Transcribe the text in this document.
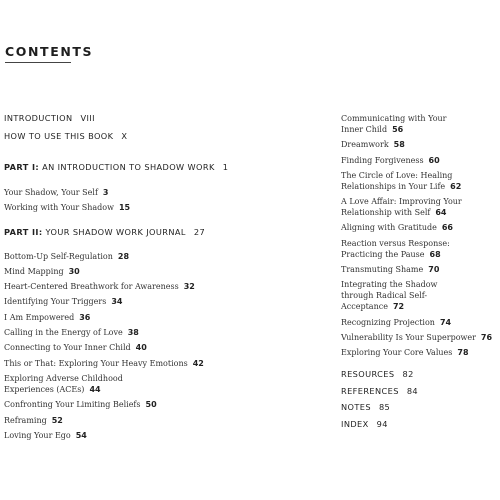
CONTENTS
INTRODUCTION VIII
HOW TO USE THIS BOOK X
PART I: AN INTRODUCTION TO SHADOW WORK 1
Your Shadow, Your Self 3
Working with Your Shadow 15
PART II: YOUR SHADOW WORK JOURNAL 27
Bottom-Up Self-Regulation 28
Mind Mapping 30
Heart-Centered Breathwork for Awareness 32
Identifying Your Triggers 34
I Am Empowered 36
Calling in the Energy of Love 38
Connecting to Your Inner Child 40
This or That: Exploring Your Heavy Emotions 42
Exploring Adverse Childhood Experiences (ACEs) 44
Confronting Your Limiting Beliefs 50
Reframing 52
Loving Your Ego 54
Communicating with Your Inner Child 56
Dreamwork 58
Finding Forgiveness 60
The Circle of Love: Healing Relationships in Your Life 62
A Love Affair: Improving Your Relationship with Self 64
Aligning with Gratitude 66
Reaction versus Response: Practicing the Pause 68
Transmuting Shame 70
Integrating the Shadow through Radical Self-Acceptance 72
Recognizing Projection 74
Vulnerability Is Your Superpower 76
Exploring Your Core Values 78
RESOURCES 82
REFERENCES 84
NOTES 85
INDEX 94
